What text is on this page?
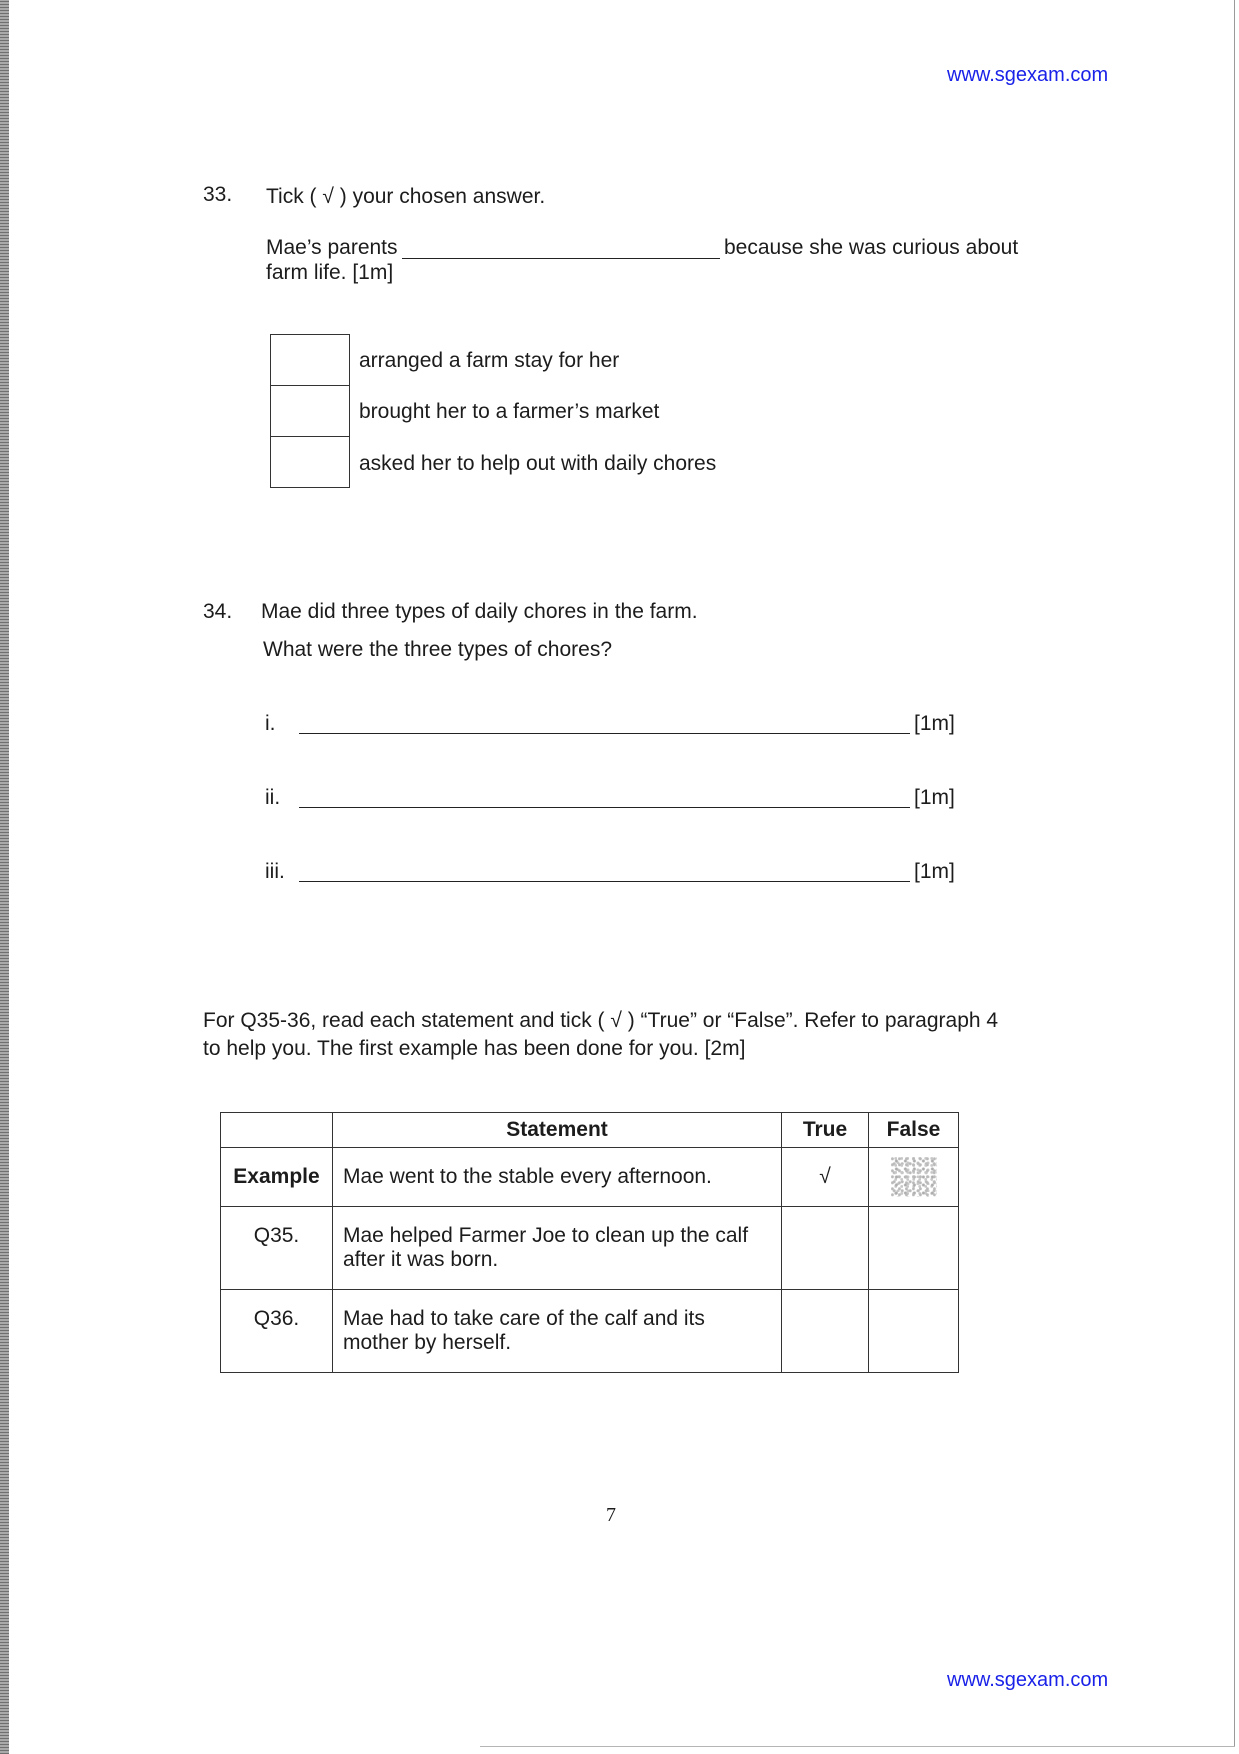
www.sgexam.com
33. Tick ( √ ) your chosen answer.
Mae’s parents	because she was curious about
farm life. [1m]
arranged a farm stay for her
brought her to a farmer’s market
asked her to help out with daily chores
34. Mae did three types of daily chores in the farm.
What were the three types of chores?
i.	[1m]
ii.	[1m]
iii.	[1m]
For Q35-36, read each statement and tick ( √ ) “True” or “False”. Refer to paragraph 4
to help you. The first example has been done for you. [2m]
	Statement	True	False
Example	Mae went to the stable every afternoon.	√	
Q35.	Mae helped Farmer Joe to clean up the calf after it was born.		
Q36.	Mae had to take care of the calf and its mother by herself.		
7
www.sgexam.com
